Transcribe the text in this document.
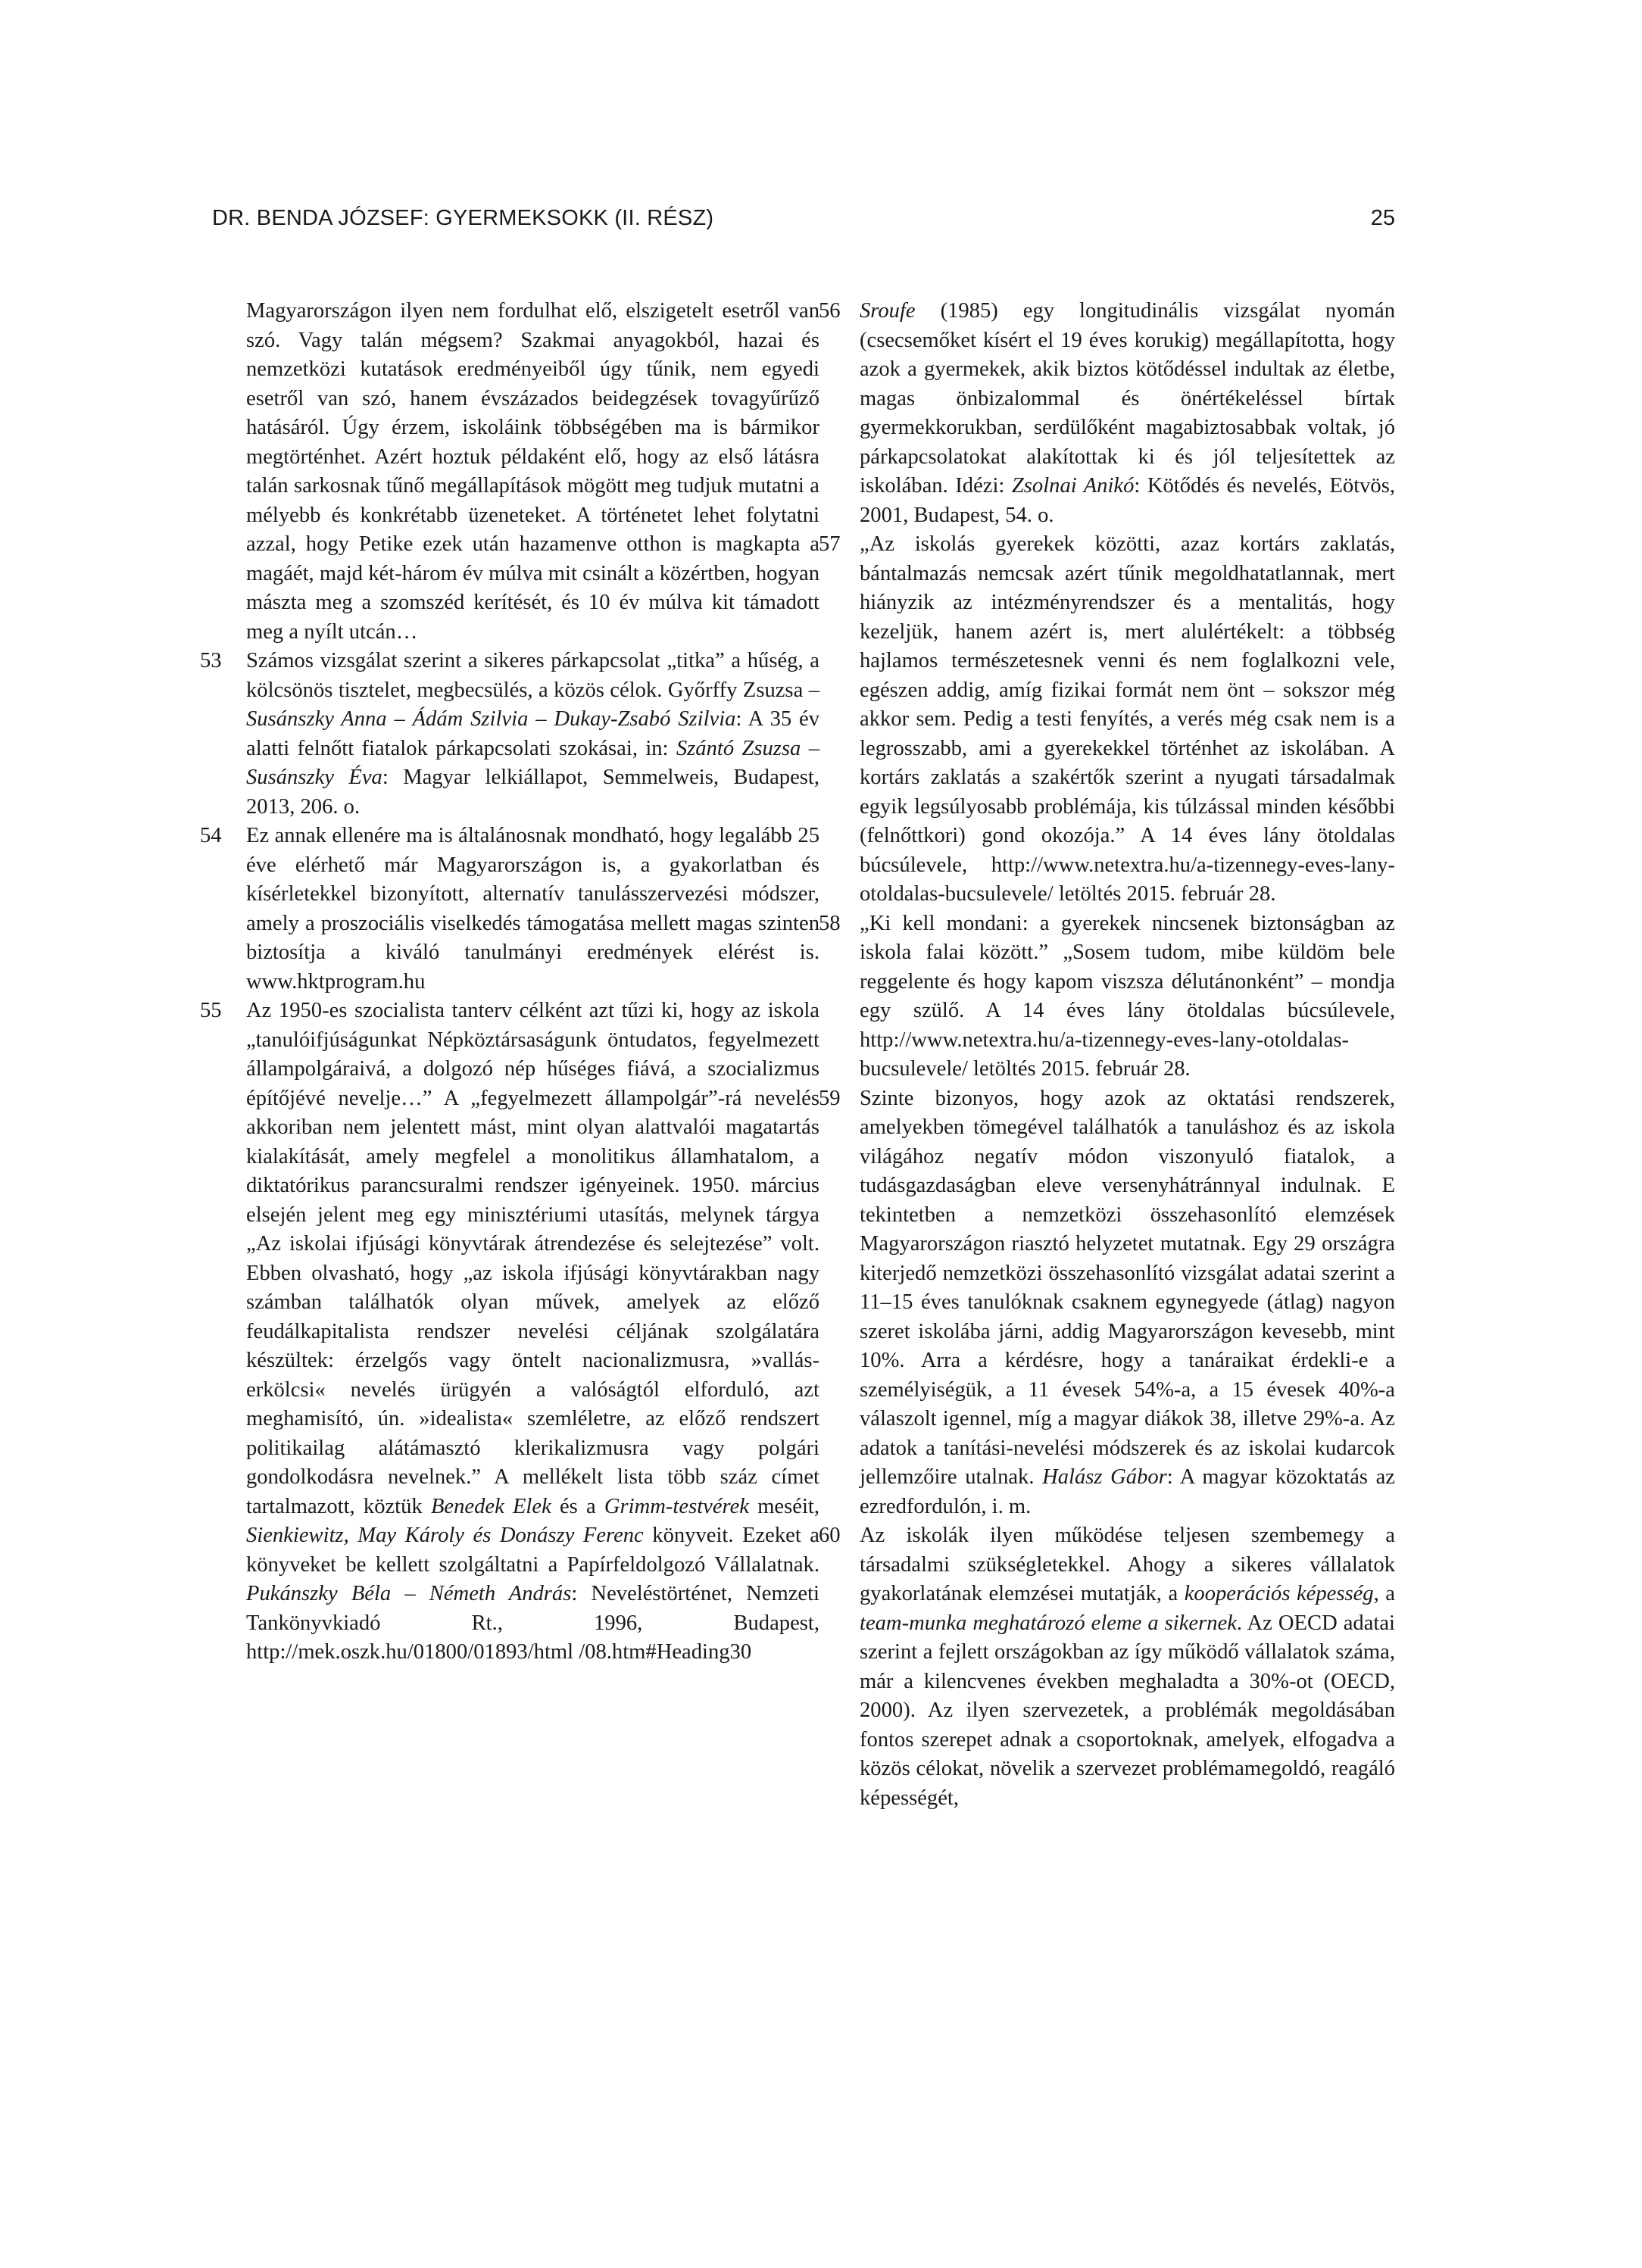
DR. BENDA JÓZSEF: GYERMEKSOKK (II. RÉSZ)	25
Magyarországon ilyen nem fordulhat elő, elszigetelt esetről van szó. Vagy talán mégsem? Szakmai anyagokból, hazai és nemzetközi kutatások eredményeiből úgy tűnik, nem egyedi esetről van szó, hanem évszázados beidegzések tovagyűrűző hatásáról. Úgy érzem, iskoláink többségében ma is bármikor megtörténhet. Azért hoztuk példaként elő, hogy az első látásra talán sarkosnak tűnő megállapítások mögött meg tudjuk mutatni a mélyebb és konkrétabb üzeneteket. A történetet lehet folytatni azzal, hogy Petike ezek után hazamenve otthon is magkapta a magáét, majd két-három év múlva mit csinált a közértben, hogyan mászta meg a szomszéd kerítését, és 10 év múlva kit támadott meg a nyílt utcán…
53 Számos vizsgálat szerint a sikeres párkapcsolat „titka” a hűség, a kölcsönös tisztelet, megbecsülés, a közös célok. Győrffy Zsuzsa – Susánszky Anna – Ádám Szilvia – Dukay-Zsabó Szilvia: A 35 év alatti felnőtt fiatalok párkapcsolati szokásai, in: Szántó Zsuzsa – Susánszky Éva: Magyar lelkiállapot, Semmelweis, Budapest, 2013, 206. o.
54 Ez annak ellenére ma is általánosnak mondható, hogy legalább 25 éve elérhető már Magyarországon is, a gyakorlatban és kísérletekkel bizonyított, alternatív tanulásszervezési módszer, amely a proszociális viselkedés támogatása mellett magas szinten biztosítja a kiváló tanulmányi eredmények elérést is. www.hktprogram.hu
55 Az 1950-es szocialista tanterv célként azt tűzi ki, hogy az iskola „tanulóifjúságunkat Népköztársaságunk öntudatos, fegyelmezett állampolgáraivá, a dolgozó nép hűséges fiává, a szocializmus építőjévé nevelje…” A „fegyelmezett állampolgár”-rá nevelés akkoriban nem jelentett mást, mint olyan alattvalói magatartás kialakítását, amely megfelel a monolitikus államhatalom, a diktatórikus parancsuralmi rendszer igényeinek. 1950. március elsején jelent meg egy minisztériumi utasítás, melynek tárgya „Az iskolai ifjúsági könyvtárak átrendezése és selejtezése” volt. Ebben olvasható, hogy „az iskola ifjúsági könyvtárakban nagy számban találhatók olyan művek, amelyek az előző feudálkapitalista rendszer nevelési céljának szolgálatára készültek: érzelgős vagy öntelt nacionalizmusra, »vallás-erkölcsi« nevelés ürügyén a valóságtól elforduló, azt meghamisító, ún. »idealista« szemléletre, az előző rendszert politikailag alátámasztó klerikalizmusra vagy polgári gondolkodásra nevelnek.” A mellékelt lista több száz címet tartalmazott, köztük Benedek Elek és a Grimm-testvérek meséit, Sienkiewitz, May Károly és Donászy Ferenc könyveit. Ezeket a könyveket be kellett szolgáltatni a Papírfeldolgozó Vállalatnak. Pukánszky Béla – Németh András: Neveléstörténet, Nemzeti Tankönyvkiadó Rt., 1996, Budapest, http://mek.oszk.hu/01800/01893/html /08.htm#Heading30
56 Sroufe (1985) egy longitudinális vizsgálat nyomán (csecsemőket kísért el 19 éves korukig) megállapította, hogy azok a gyermekek, akik biztos kötődéssel indultak az életbe, magas önbizalommal és önértékeléssel bírtak gyermekkorukban, serdülőként magabiztosabbak voltak, jó párkapcsolatokat alakítottak ki és jól teljesítettek az iskolában. Idézi: Zsolnai Anikó: Kötődés és nevelés, Eötvös, 2001, Budapest, 54. o.
57 „Az iskolás gyerekek közötti, azaz kortárs zaklatás, bántalmazás nemcsak azért tűnik megoldhatatlannak, mert hiányzik az intézményrendszer és a mentalitás, hogy kezeljük, hanem azért is, mert alulértékelt: a többség hajlamos természetesnek venni és nem foglalkozni vele, egészen addig, amíg fizikai formát nem önt – sokszor még akkor sem. Pedig a testi fenyítés, a verés még csak nem is a legrosszabb, ami a gyerekekkel történhet az iskolában. A kortárs zaklatás a szakértők szerint a nyugati társadalmak egyik legsúlyosabb problémája, kis túlzással minden későbbi (felnőttkori) gond okozója.” A 14 éves lány ötoldalas búcsúlevele, http://www.netextra.hu/a-tizennegy-eves-lany-otoldalas-bucsulevele/ letöltés 2015. február 28.
58 „Ki kell mondani: a gyerekek nincsenek biztonságban az iskola falai között.” „Sosem tudom, mibe küldöm bele reggelente és hogy kapom viszsza délutánonként” – mondja egy szülő. A 14 éves lány ötoldalas búcsúlevele, http://www.netextra.hu/a-tizennegy-eves-lany-otoldalas-bucsulevele/ letöltés 2015. február 28.
59 Szinte bizonyos, hogy azok az oktatási rendszerek, amelyekben tömegével találhatók a tanuláshoz és az iskola világához negatív módon viszonyuló fiatalok, a tudásgazdaságban eleve versenyhátránnyal indulnak. E tekintetben a nemzetközi összehasonlító elemzések Magyarországon riasztó helyzetet mutatnak. Egy 29 országra kiterjedő nemzetközi összehasonlító vizsgálat adatai szerint a 11–15 éves tanulóknak csaknem egynegyede (átlag) nagyon szeret iskolába járni, addig Magyarországon kevesebb, mint 10%. Arra a kérdésre, hogy a tanáraikat érdekli-e a személyiségük, a 11 évesek 54%-a, a 15 évesek 40%-a válaszolt igennel, míg a magyar diákok 38, illetve 29%-a. Az adatok a tanítási-nevelési módszerek és az iskolai kudarcok jellemzőire utalnak. Halász Gábor: A magyar közoktatás az ezredfordulón, i. m.
60 Az iskolák ilyen működése teljesen szembemegy a társadalmi szükségletekkel. Ahogy a sikeres vállalatok gyakorlatának elemzései mutatják, a kooperációs képesség, a team-munka meghatározó eleme a sikernek. Az OECD adatai szerint a fejlett országokban az így működő vállalatok száma, már a kilencvenes években meghaladta a 30%-ot (OECD, 2000). Az ilyen szervezetek, a problémák megoldásában fontos szerepet adnak a csoportoknak, amelyek, elfogadva a közös célokat, növelik a szervezet problémamegoldó, reagáló képességét,
